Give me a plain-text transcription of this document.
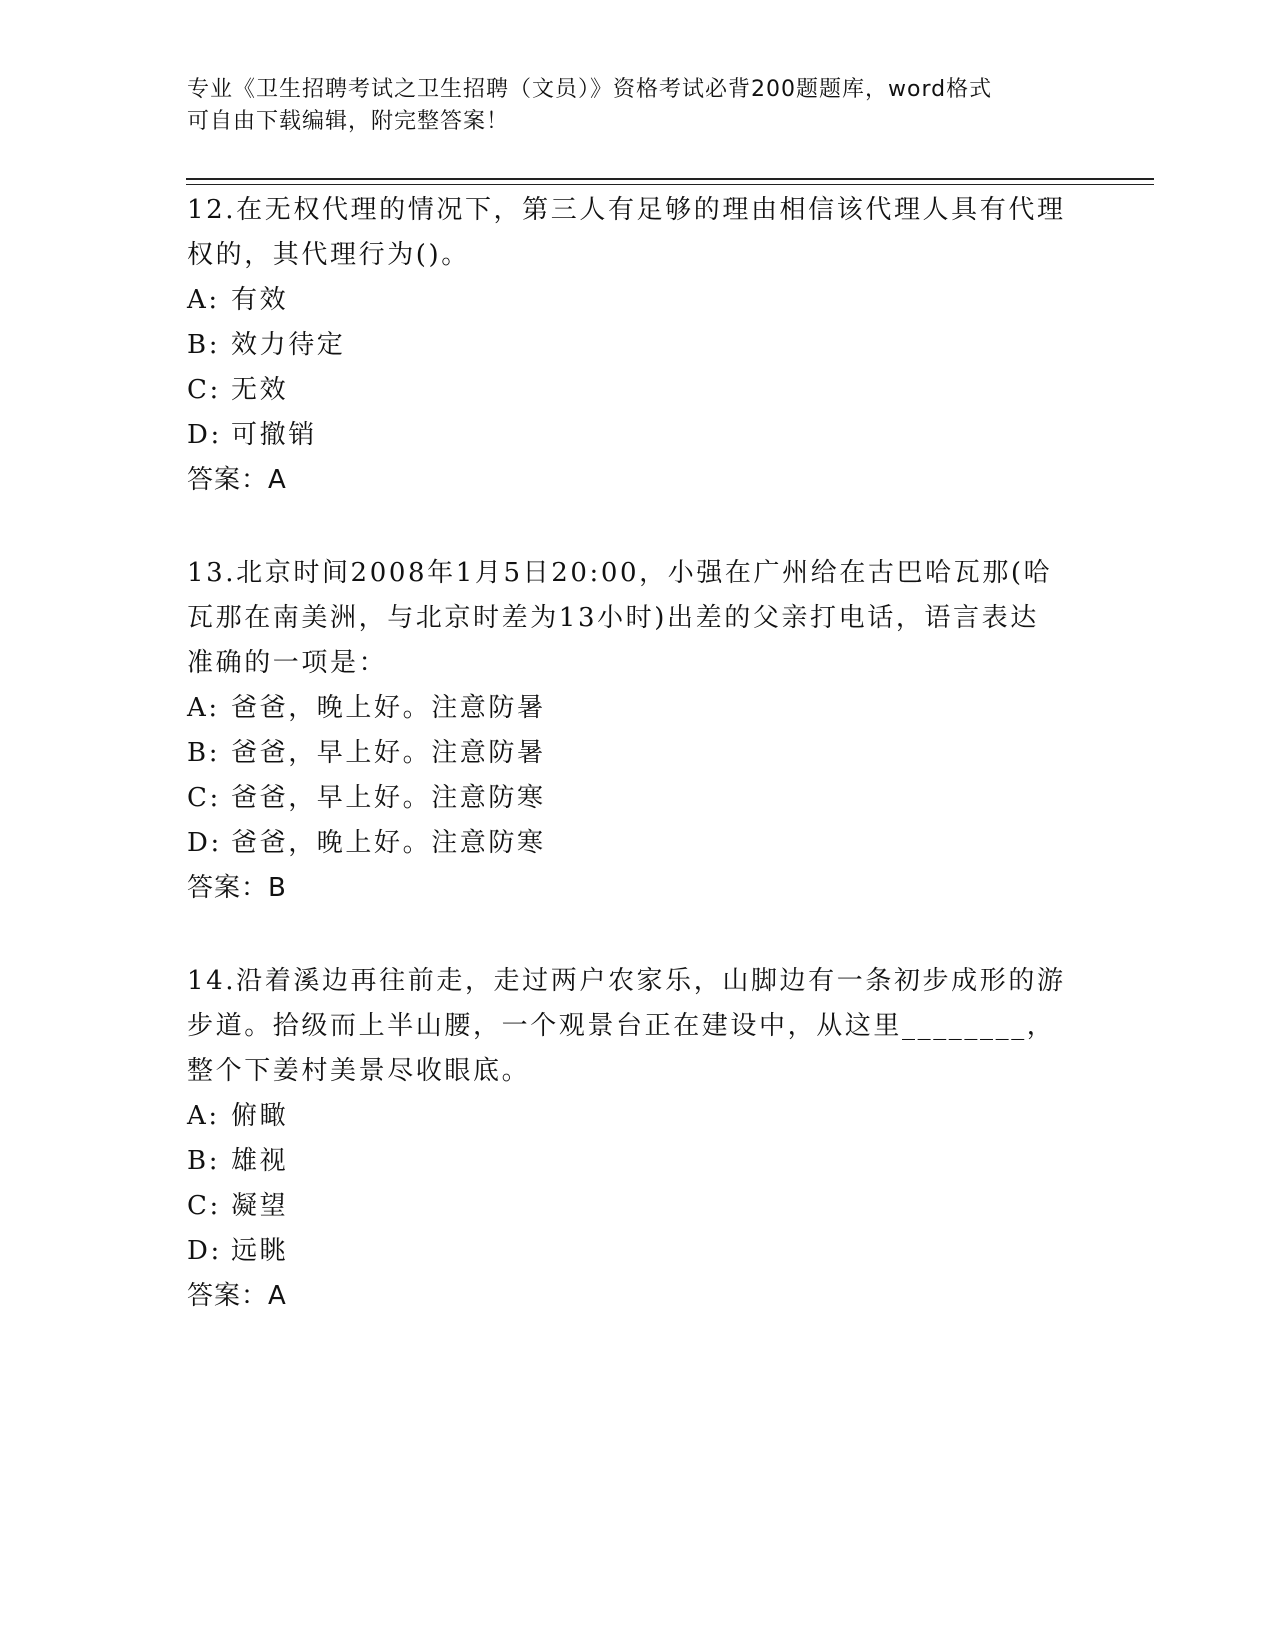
专业《卫生招聘考试之卫生招聘（文员）》资格考试必背200题题库，word格式
可自由下载编辑，附完整答案！
12.在无权代理的情况下，第三人有足够的理由相信该代理人具有代理
权的，其代理行为()。
A: 有效
B: 效力待定
C: 无效
D: 可撤销
答案：A
13.北京时间2008年1月5日20:00，小强在广州给在古巴哈瓦那(哈
瓦那在南美洲，与北京时差为13小时)出差的父亲打电话，语言表达
准确的一项是：
A: 爸爸，晚上好。注意防暑
B: 爸爸，早上好。注意防暑
C: 爸爸，早上好。注意防寒
D: 爸爸，晚上好。注意防寒
答案：B
14.沿着溪边再往前走，走过两户农家乐，山脚边有一条初步成形的游
步道。拾级而上半山腰，一个观景台正在建设中，从这里________，
整个下姜村美景尽收眼底。
A: 俯瞰
B: 雄视
C: 凝望
D: 远眺
答案：A
